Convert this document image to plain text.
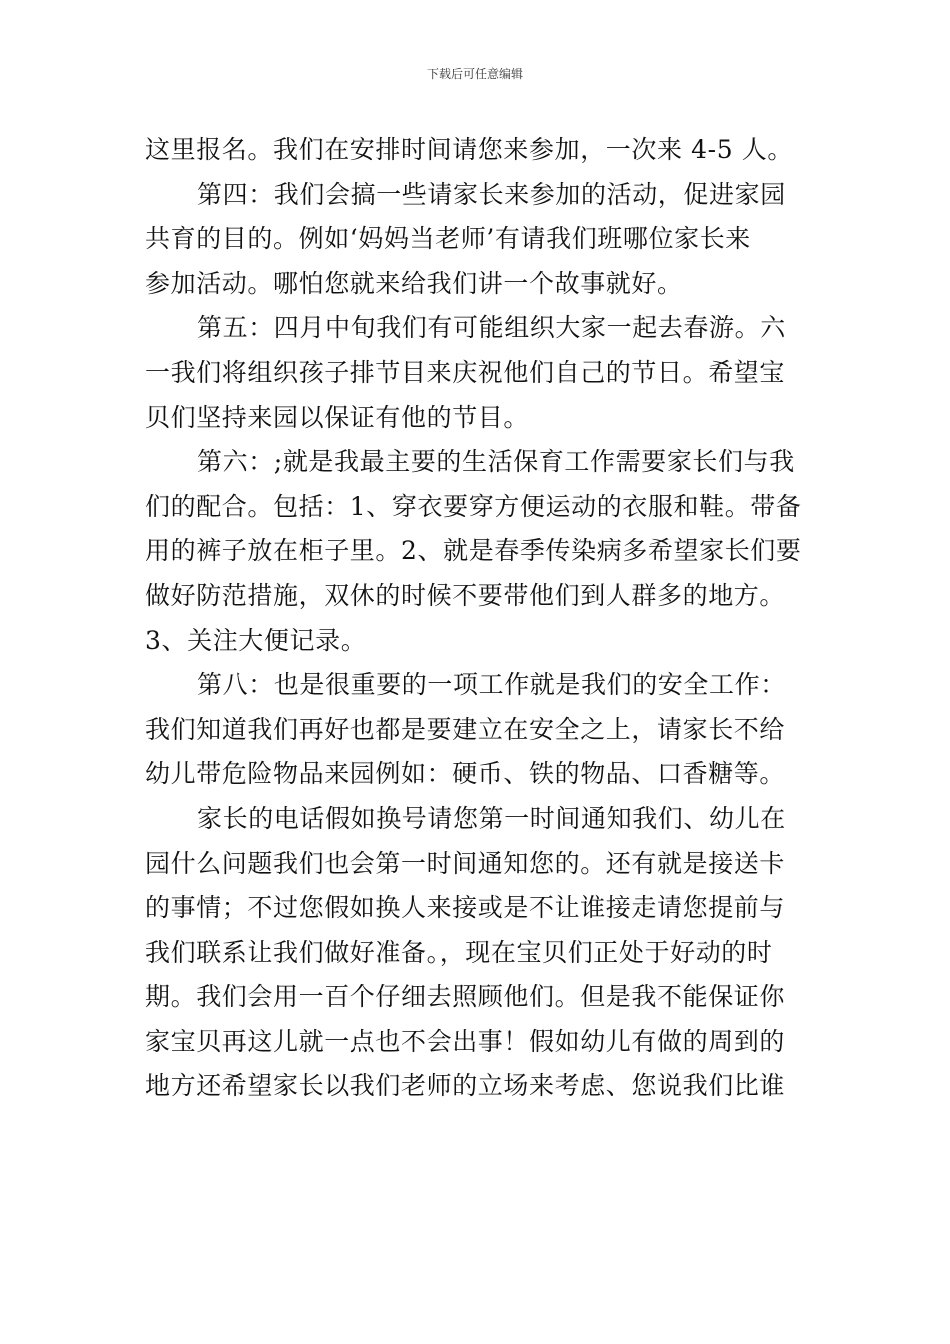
下载后可任意编辑
这里报名。我们在安排时间请您来参加，一次来 4-5 人。
第四：我们会搞一些请家长来参加的活动，促进家园
共育的目的。例如‘妈妈当老师’有请我们班哪位家长来
参加活动。哪怕您就来给我们讲一个故事就好。
第五：四月中旬我们有可能组织大家一起去春游。六
一我们将组织孩子排节目来庆祝他们自己的节日。希望宝
贝们坚持来园以保证有他的节目。
第六：;就是我最主要的生活保育工作需要家长们与我
们的配合。包括：1、穿衣要穿方便运动的衣服和鞋。带备
用的裤子放在柜子里。2、就是春季传染病多希望家长们要
做好防范措施，双休的时候不要带他们到人群多的地方。
3、关注大便记录。
第八：也是很重要的一项工作就是我们的安全工作：
我们知道我们再好也都是要建立在安全之上，请家长不给
幼儿带危险物品来园例如：硬币、铁的物品、口香糖等。
家长的电话假如换号请您第一时间通知我们、幼儿在
园什么问题我们也会第一时间通知您的。还有就是接送卡
的事情；不过您假如换人来接或是不让谁接走请您提前与
我们联系让我们做好准备。，现在宝贝们正处于好动的时
期。我们会用一百个仔细去照顾他们。但是我不能保证你
家宝贝再这儿就一点也不会出事！假如幼儿有做的周到的
地方还希望家长以我们老师的立场来考虑、您说我们比谁
